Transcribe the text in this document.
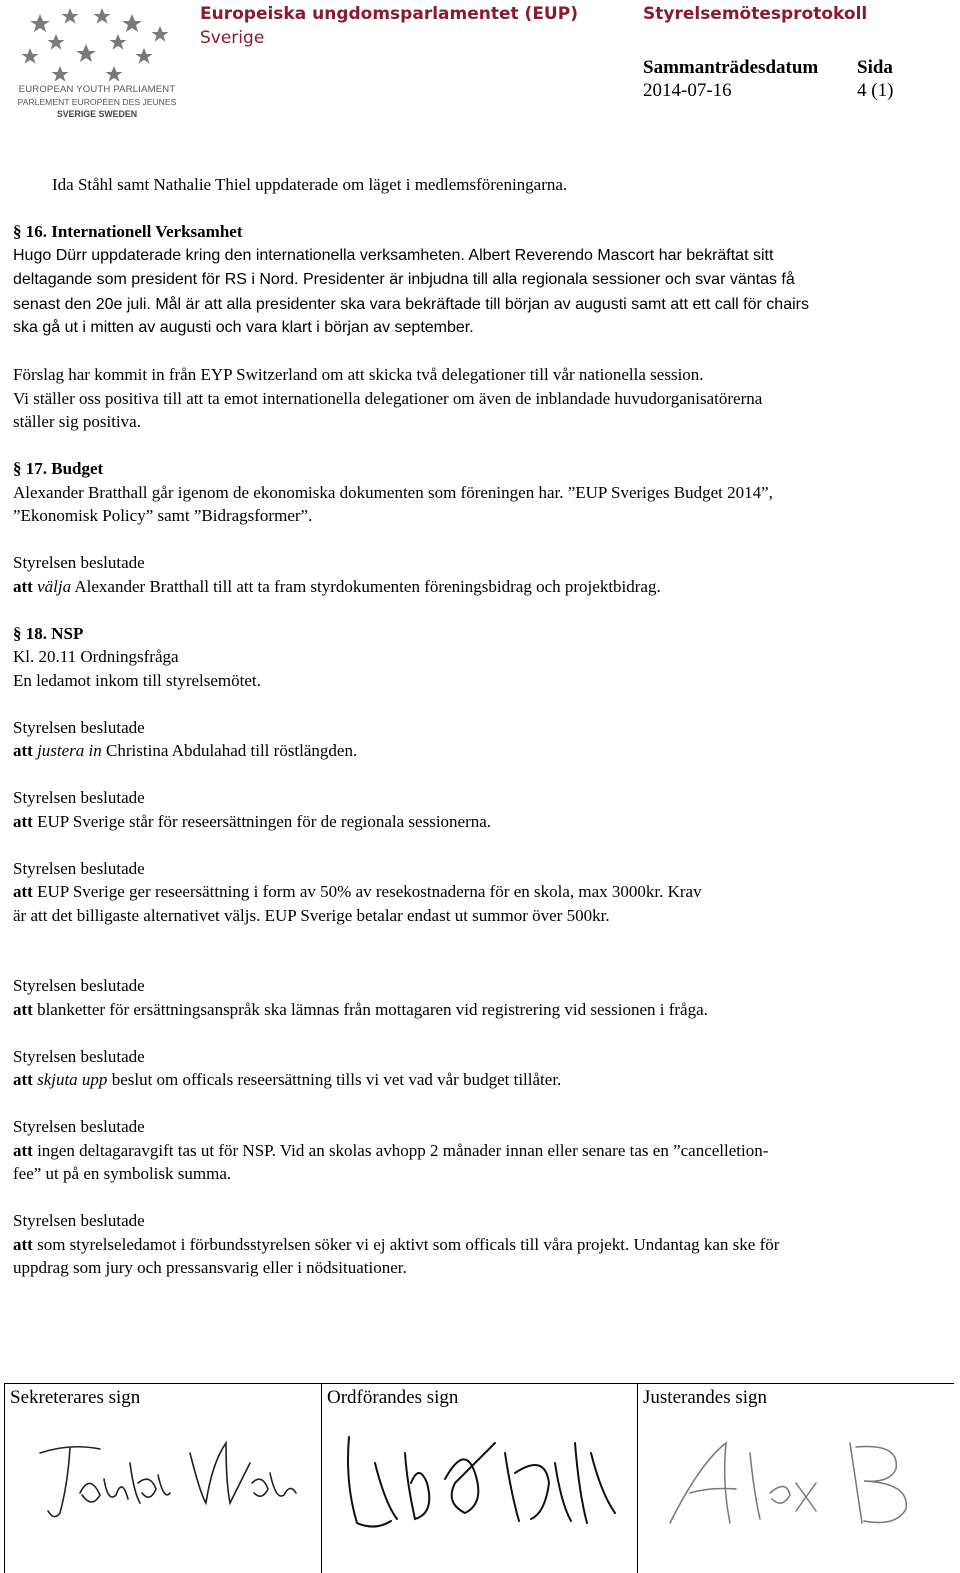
EUROPEAN YOUTH PARLIAMENT
PARLEMENT EUROPÉEN DES JEUNES
SVERIGE SWEDEN
Europeiska ungdomsparlamentet (EUP)
Sverige
Styrelsemötesprotokoll
Sammanträdesdatum Sida
2014-07-16	4 (1)

Ida Ståhl samt Nathalie Thiel uppdaterade om läget i medlemsföreningarna.

§ 16. Internationell Verksamhet

Hugo Dürr uppdaterade kring den internationella verksamheten. Albert Reverendo Mascort har bekräftat sitt

deltagande som president för RS i Nord. Presidenter är inbjudna till alla regionala sessioner och svar väntas få

senast den 20e juli. Mål är att alla presidenter ska vara bekräftade till början av augusti samt att ett call för chairs

ska gå ut i mitten av augusti och vara klart i början av september.

Förslag har kommit in från EYP Switzerland om att skicka två delegationer till vår nationella session.

Vi ställer oss positiva till att ta emot internationella delegationer om även de inblandade huvudorganisatörerna

ställer sig positiva.

§ 17. Budget

Alexander Bratthall går igenom de ekonomiska dokumenten som föreningen har. ”EUP Sveriges Budget 2014”,

”Ekonomisk Policy” samt ”Bidragsformer”.

Styrelsen beslutade

att välja Alexander Bratthall till att ta fram styrdokumenten föreningsbidrag och projektbidrag.

§ 18. NSP

Kl. 20.11 Ordningsfråga

En ledamot inkom till styrelsemötet.

Styrelsen beslutade

att justera in Christina Abdulahad till röstlängden.

Styrelsen beslutade

att EUP Sverige står för reseersättningen för de regionala sessionerna.

Styrelsen beslutade

att EUP Sverige ger reseersättning i form av 50% av resekostnaderna för en skola, max 3000kr. Krav

är att det billigaste alternativet väljs. EUP Sverige betalar endast ut summor över 500kr.

Styrelsen beslutade

att blanketter för ersättningsanspråk ska lämnas från mottagaren vid registrering vid sessionen i fråga.

Styrelsen beslutade

att skjuta upp beslut om officals reseersättning tills vi vet vad vår budget tillåter.

Styrelsen beslutade

att ingen deltagaravgift tas ut för NSP. Vid an skolas avhopp 2 månader innan eller senare tas en ”cancelletion-

fee” ut på en symbolisk summa.

Styrelsen beslutade

att som styrelseledamot i förbundsstyrelsen söker vi ej aktivt som officals till våra projekt. Undantag kan ske för

uppdrag som jury och pressansvarig eller i nödsituationer.

Sekreterares sign	Ordförandes sign	Justerandes sign
